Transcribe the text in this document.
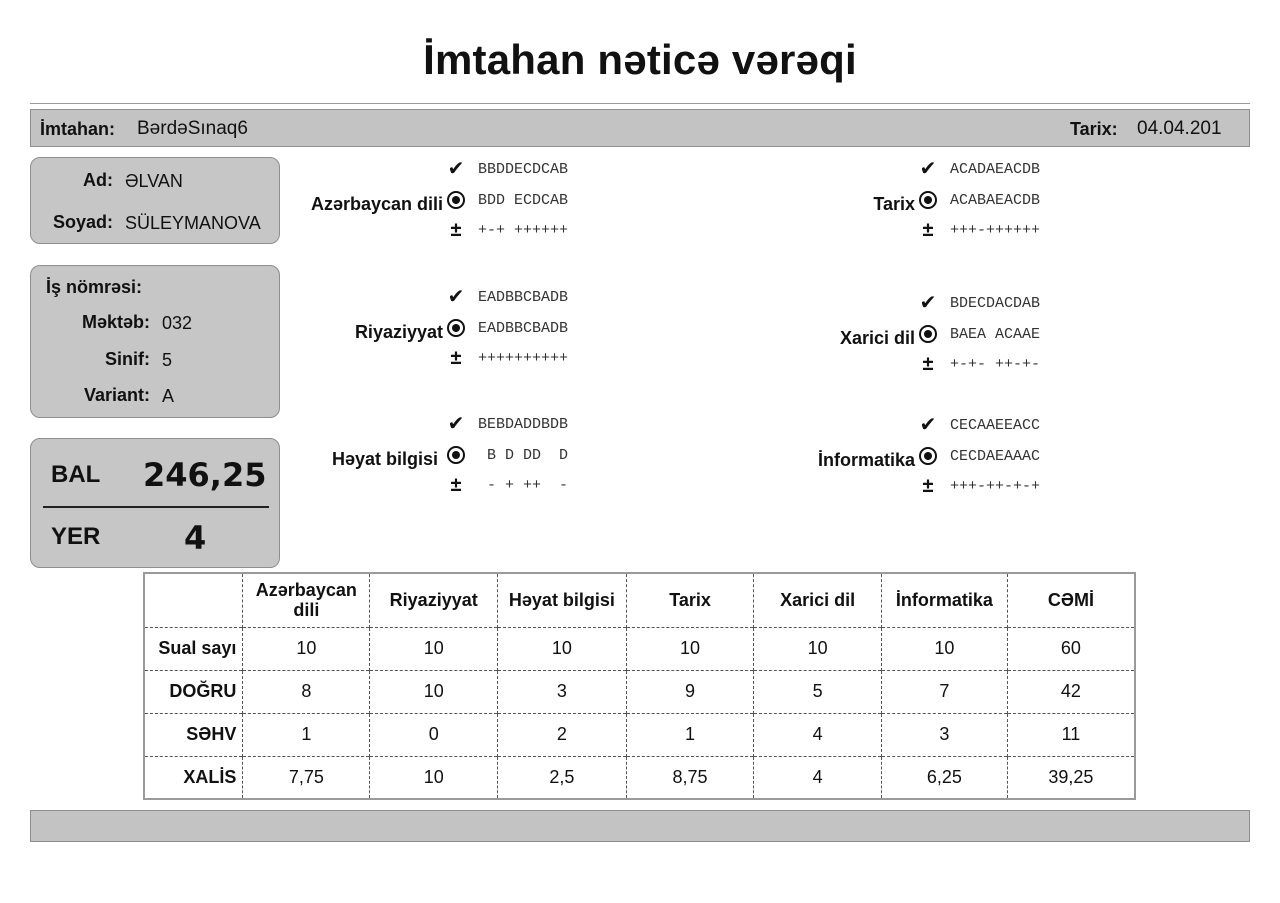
İmtahan nəticə vərəqi
İmtahan: BərdəSınaq6	Tarix: 04.04.201
Ad: ƏLVAN
Soyad: SÜLEYMANOVA
İş nömrəsi:
Məktəb: 032
Sinif: 5
Variant: A
BAL 246,25
YER	4
Azərbaycan dili
✔ BBDDECDCAB
BDD ECDCAB
±	+-+ ++++++
Riyaziyyat
✔ EADBBCBADB
EADBBCBADB
±	++++++++++
Həyat bilgisi
✔ BEBDADDBDB
B D DD  D
±	- + ++  -
Tarix
✔ ACADAEACDB
ACABAEACDB
±	+++-++++++
Xarici dil
✔ BDECDACDAB
BAEA ACAAE
±	+-+- ++-+-
İnformatika
✔ CECAAEEACC
CECDAEAAAC
±	+++-++-+-+
	Azərbaycan dili	Riyaziyyat	Həyat bilgisi	Tarix	Xarici dil	İnformatika	CƏMİ
Sual sayı	10	10	10	10	10	10	60
DOĞRU	8	10	3	9	5	7	42
SƏHV	1	0	2	1	4	3	11
XALİS	7,75	10	2,5	8,75	4	6,25	39,25
